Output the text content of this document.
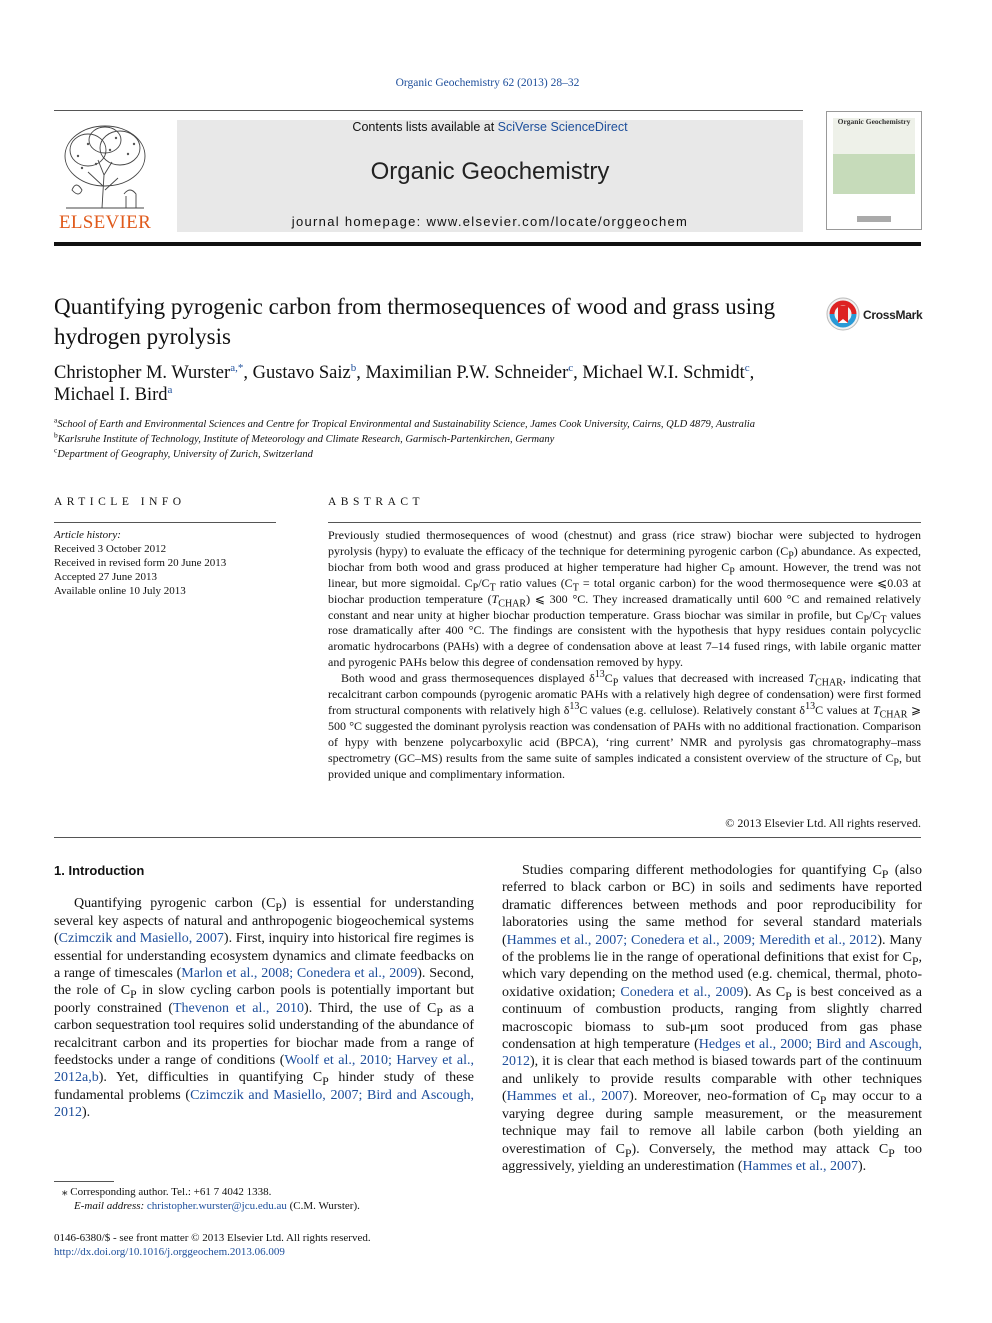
Organic Geochemistry 62 (2013) 28–32
ELSEVIER
Contents lists available at SciVerse ScienceDirect
Organic Geochemistry
journal homepage: www.elsevier.com/locate/orggeochem
Organic Geochemistry
Quantifying pyrogenic carbon from thermosequences of wood and grass using hydrogen pyrolysis
CrossMark
Christopher M. Wurster$^{a,*}$, Gustavo Saiz$^b$, Maximilian P.W. Schneider$^c$, Michael W.I. Schmidt$^c$,
Michael I. Bird$^a$
$^a$School of Earth and Environmental Sciences and Centre for Tropical Environmental and Sustainability Science, James Cook University, Cairns, QLD 4879, Australia
$^b$Karlsruhe Institute of Technology, Institute of Meteorology and Climate Research, Garmisch-Partenkirchen, Germany
$^c$Department of Geography, University of Zurich, Switzerland
ARTICLE INFO
Article history:
Received 3 October 2012
Received in revised form 20 June 2013
Accepted 27 June 2013
Available online 10 July 2013
ABSTRACT

Previously studied thermosequences of wood (chestnut) and grass (rice straw) biochar were subjected to hydrogen pyrolysis (hypy) to evaluate the efficacy of the technique for determining pyrogenic carbon $(C_P)$ abundance. As expected, biochar from both wood and grass produced at higher temperature had higher $C_P$ amount. However, the trend was not linear, but more sigmoidal. $C_P/C_T$ ratio values ($C_T$ = total organic carbon) for the wood thermosequence were ⩽0.03 at biochar production temperature $(T_{CHAR})$ ⩽ 300 °C. They increased dramatically until 600 °C and remained relatively constant and near unity at higher biochar production temperature. Grass biochar was similar in profile, but $C_P/C_T$ values rose dramatically after 400 °C. The findings are consistent with the hypothesis that hypy residues contain polycyclic aromatic hydrocarbons (PAHs) with a degree of condensation above at least 7–14 fused rings, with labile organic matter and pyrogenic PAHs below this degree of condensation removed by hypy.

Both wood and grass thermosequences displayed $\delta^{13}C_P$ values that decreased with increased $T_{CHAR}$, indicating that recalcitrant carbon compounds (pyrogenic aromatic PAHs with a relatively high degree of condensation) were first formed from structural components with relatively high $\delta^{13}C$ values (e.g. cellulose). Relatively constant $\delta^{13}C$ values at $T_{CHAR}$ ⩾ 500 °C suggested the dominant pyrolysis reaction was condensation of PAHs with no additional fractionation. Comparison of hypy with benzene polycarboxylic acid (BPCA), ‘ring current’ NMR and pyrolysis gas chromatography–mass spectrometry (GC–MS) results from the same suite of samples indicated a consistent overview of the structure of $C_P$, but provided unique and complimentary information.

© 2013 Elsevier Ltd. All rights reserved.
1. Introduction

Quantifying pyrogenic carbon $(C_P)$ is essential for understanding several key aspects of natural and anthropogenic biogeochemical systems (Czimczik and Masiello, 2007). First, inquiry into historical fire regimes is essential for understanding ecosystem dynamics and climate feedbacks on a range of timescales (Marlon et al., 2008; Conedera et al., 2009). Second, the role of $C_P$ in slow cycling carbon pools is potentially important but poorly constrained (Thevenon et al., 2010). Third, the use of $C_P$ as a carbon sequestration tool requires solid understanding of the abundance of recalcitrant carbon and its properties for biochar made from a range of feedstocks under a range of conditions (Woolf et al., 2010; Harvey et al., 2012a,b). Yet, difficulties in quantifying $C_P$ hinder study of these fundamental problems (Czimczik and Masiello, 2007; Bird and Ascough, 2012).

Studies comparing different methodologies for quantifying $C_P$ (also referred to black carbon or BC) in soils and sediments have reported dramatic differences between methods and poor reproducibility for laboratories using the same method for several standard materials (Hammes et al., 2007; Conedera et al., 2009; Meredith et al., 2012). Many of the problems lie in the range of operational definitions that exist for $C_P$, which vary depending on the method used (e.g. chemical, thermal, photo-oxidative oxidation; Conedera et al., 2009). As $C_P$ is best conceived as a continuum of combustion products, ranging from slightly charred macroscopic biomass to sub-μm soot produced from gas phase condensation at high temperature (Hedges et al., 2000; Bird and Ascough, 2012), it is clear that each method is biased towards part of the continuum and unlikely to provide results comparable with other techniques (Hammes et al., 2007). Moreover, neo-formation of $C_P$ may occur to a varying degree during sample measurement, or the measurement technique may fail to remove all labile carbon (both yielding an overestimation of $C_P$). Conversely, the method may attack $C_P$ too aggressively, yielding an underestimation (Hammes et al., 2007).

⁎ Corresponding author. Tel.: +61 7 4042 1338.
E-mail address: christopher.wurster@jcu.edu.au (C.M. Wurster).
0146-6380/$ - see front matter © 2013 Elsevier Ltd. All rights reserved.
http://dx.doi.org/10.1016/j.orggeochem.2013.06.009
